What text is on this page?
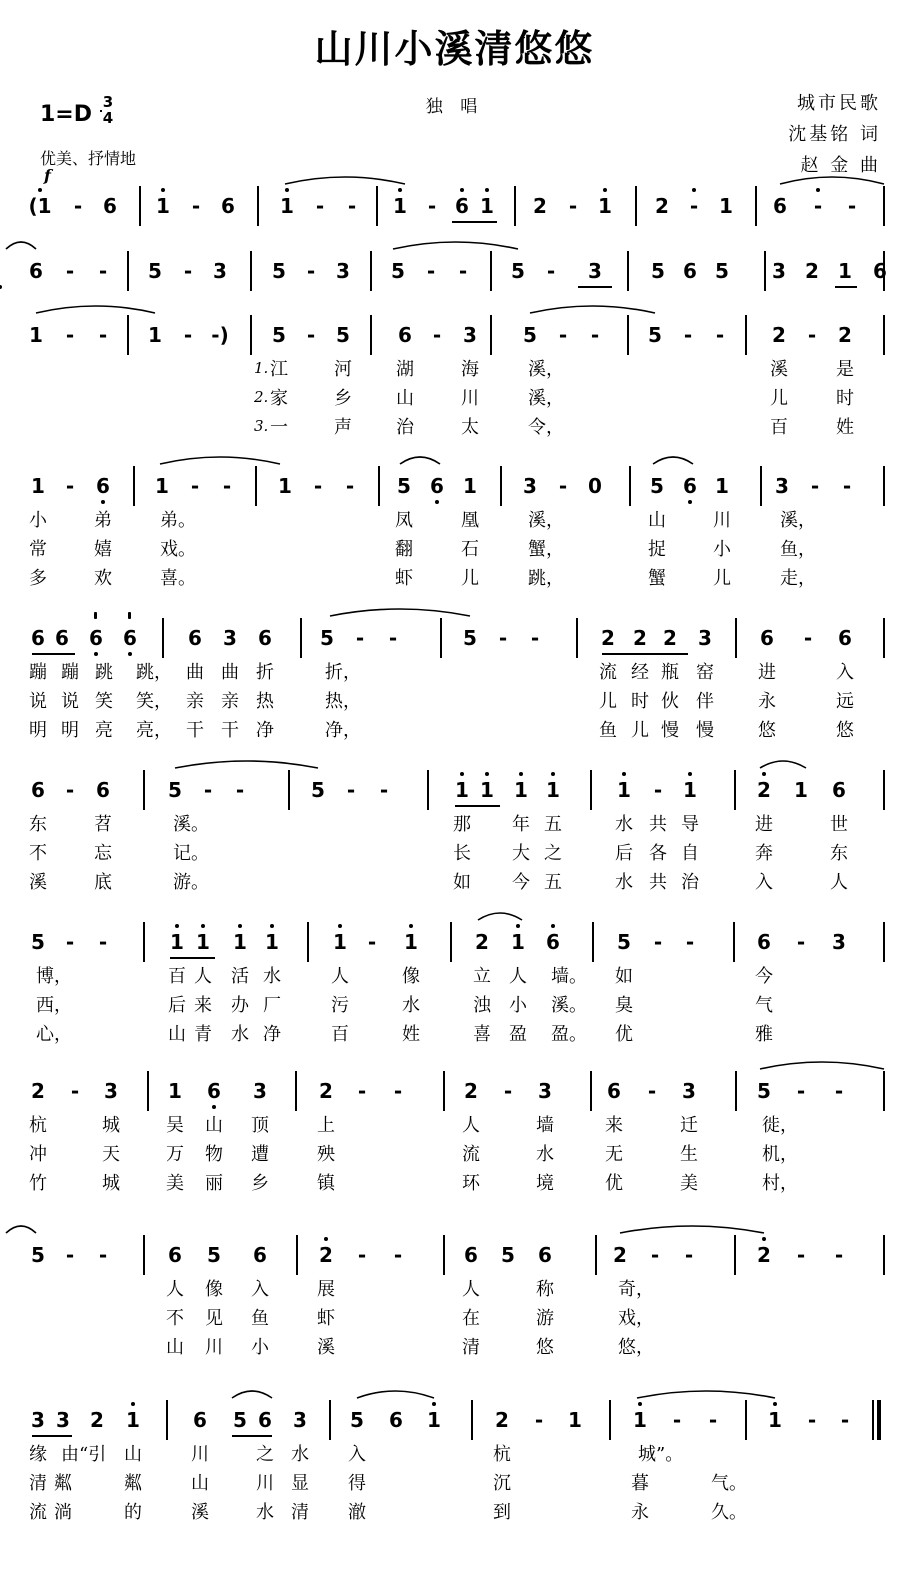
山川小溪清悠悠
独 唱
1=D 3
4
优美、抒情地
f
城市民歌
沈基铭 词
赵 金 曲
(1	-	6	1	-	6	1	-	-	1	- 6 1	2	-	1	2	-	1	6	-	-
6	-	-	5	-	3	5	-	3	5	-	-	5	-	3	5 6 5	3 2 1	6
1	-	-	1	- -)	5	-	5	6	-	3	5	-	-	5	-	-	2	-	2
1. 江	河	湖	海	溪，	溪	是
2. 家	乡	山	川	溪，	儿	时
3. 一	声	治	太	令，	百	姓
1	-	6	1	-	-	1	-	-	5 6 1	3	-	0	5 6 1	3	-	-
小	弟	弟。	凤	凰	溪，	山	川	溪，
常	嬉	戏。	翻	石	蟹，	捉	小	鱼，
多	欢	喜。	虾	儿	跳，	蟹	儿	走，
6 6	6	6	6	3	6	5	-	-	5	-	-	2 2 2	3	6	-	6
蹦 蹦 跳	跳， 曲 曲 折	折，	流 经 瓶 窑	进	入
说 说 笑	笑， 亲 亲 热	热，	儿 时 伙 伴	永	远
明 明 亮	亮， 干 干 净	净，	鱼 儿 慢 慢	悠	悠
6	-	6	5	-	-	5	-	-	1 1	1 1	1	-	1	2	1	6
东	苕	溪。	那	年 五	水 共 导	进	世
不	忘	记。	长	大 之	后 各 自	奔	东
溪	底	游。	如	今 五	水 共 治	入	人
5	-	-	1 1	1 1	1	-	1	2	1	6	5	-	-	6	-	3
博，	百 人	活 水	人	像	立	人	墙。	如	今
西，	后 来	办 厂	污	水	浊	小	溪。	臭	气
心，	山 青	水 净	百	姓	喜	盈	盈。	优	雅
2	-	3	1	6	3	2	-	-	2	-	3	6	-	3	5	-	-
杭	城	吴	山	顶	上	人	墙	来	迁	徙，
冲	天	万	物	遭	殃	流	水	无	生	机，
竹	城	美	丽	乡	镇	环	境	优	美	村，
5	-	-	6	5	6	2	-	-	6	5	6	2	-	-	2	-	-
人	像	入	展	人	称	奇，
不	见	鱼	虾	在	游	戏，
山	川	小	溪	清	悠	悠，
3 3	2	1	6	5 6	3	5	6	1	2	-	1	1	-	-	1	-	-
缘 由“引 山	川	之 水	入	杭	城”。
清 粼	粼	山	川 显	得	沉	暮	气。
流 淌	的	溪	水 清	澈	到	永	久。
